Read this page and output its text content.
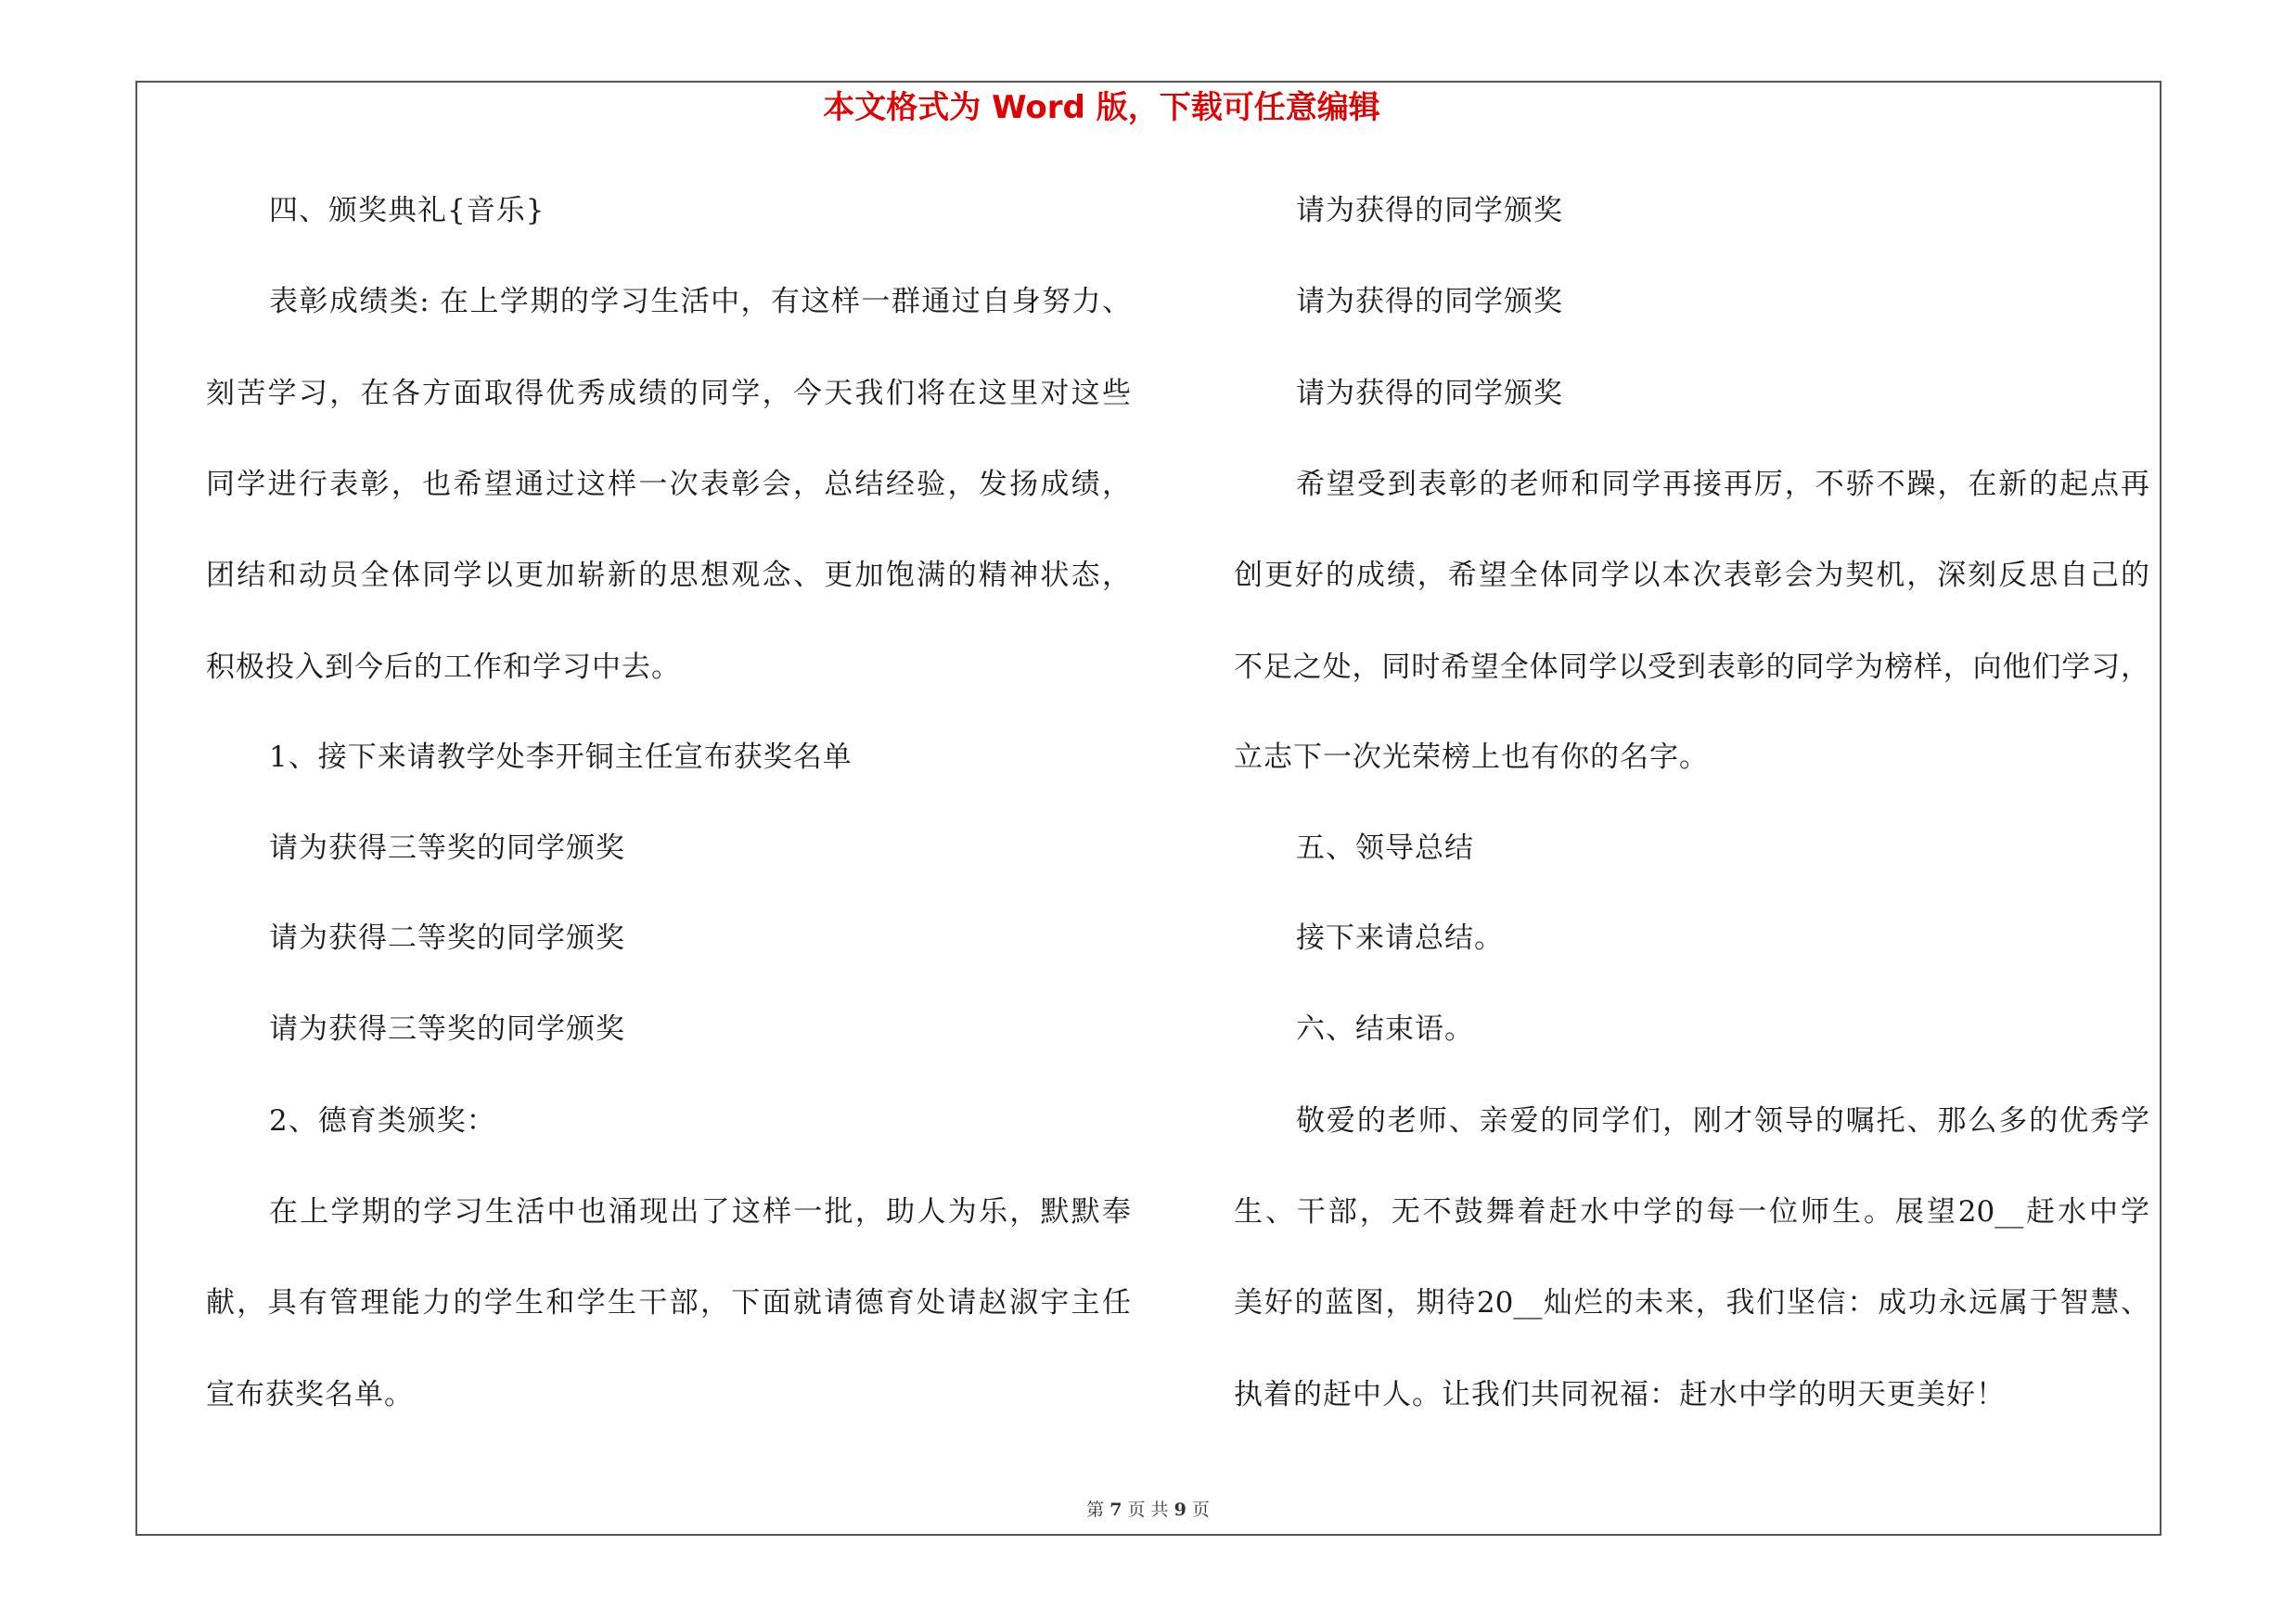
本文格式为 Word 版，下载可任意编辑
四、颁奖典礼{音乐}
表彰成绩类: 在上学期的学习生活中，有这样一群通过自身努力、
刻苦学习，在各方面取得优秀成绩的同学，今天我们将在这里对这些
同学进行表彰，也希望通过这样一次表彰会，总结经验，发扬成绩，
团结和动员全体同学以更加崭新的思想观念、更加饱满的精神状态，
积极投入到今后的工作和学习中去。
1、接下来请教学处李开铜主任宣布获奖名单
请为获得三等奖的同学颁奖
请为获得二等奖的同学颁奖
请为获得三等奖的同学颁奖
2、德育类颁奖：
在上学期的学习生活中也涌现出了这样一批，助人为乐，默默奉
献，具有管理能力的学生和学生干部，下面就请德育处请赵淑宇主任
宣布获奖名单。
请为获得的同学颁奖
请为获得的同学颁奖
请为获得的同学颁奖
希望受到表彰的老师和同学再接再厉，不骄不躁，在新的起点再
创更好的成绩，希望全体同学以本次表彰会为契机，深刻反思自己的
不足之处，同时希望全体同学以受到表彰的同学为榜样，向他们学习，
立志下一次光荣榜上也有你的名字。
五、领导总结
接下来请总结。
六、结束语。
敬爱的老师、亲爱的同学们，刚才领导的嘱托、那么多的优秀学
生、干部，无不鼓舞着赶水中学的每一位师生。展望20__赶水中学
美好的蓝图，期待20__灿烂的未来，我们坚信：成功永远属于智慧、
执着的赶中人。让我们共同祝福：赶水中学的明天更美好！
第 7 页 共 9 页
